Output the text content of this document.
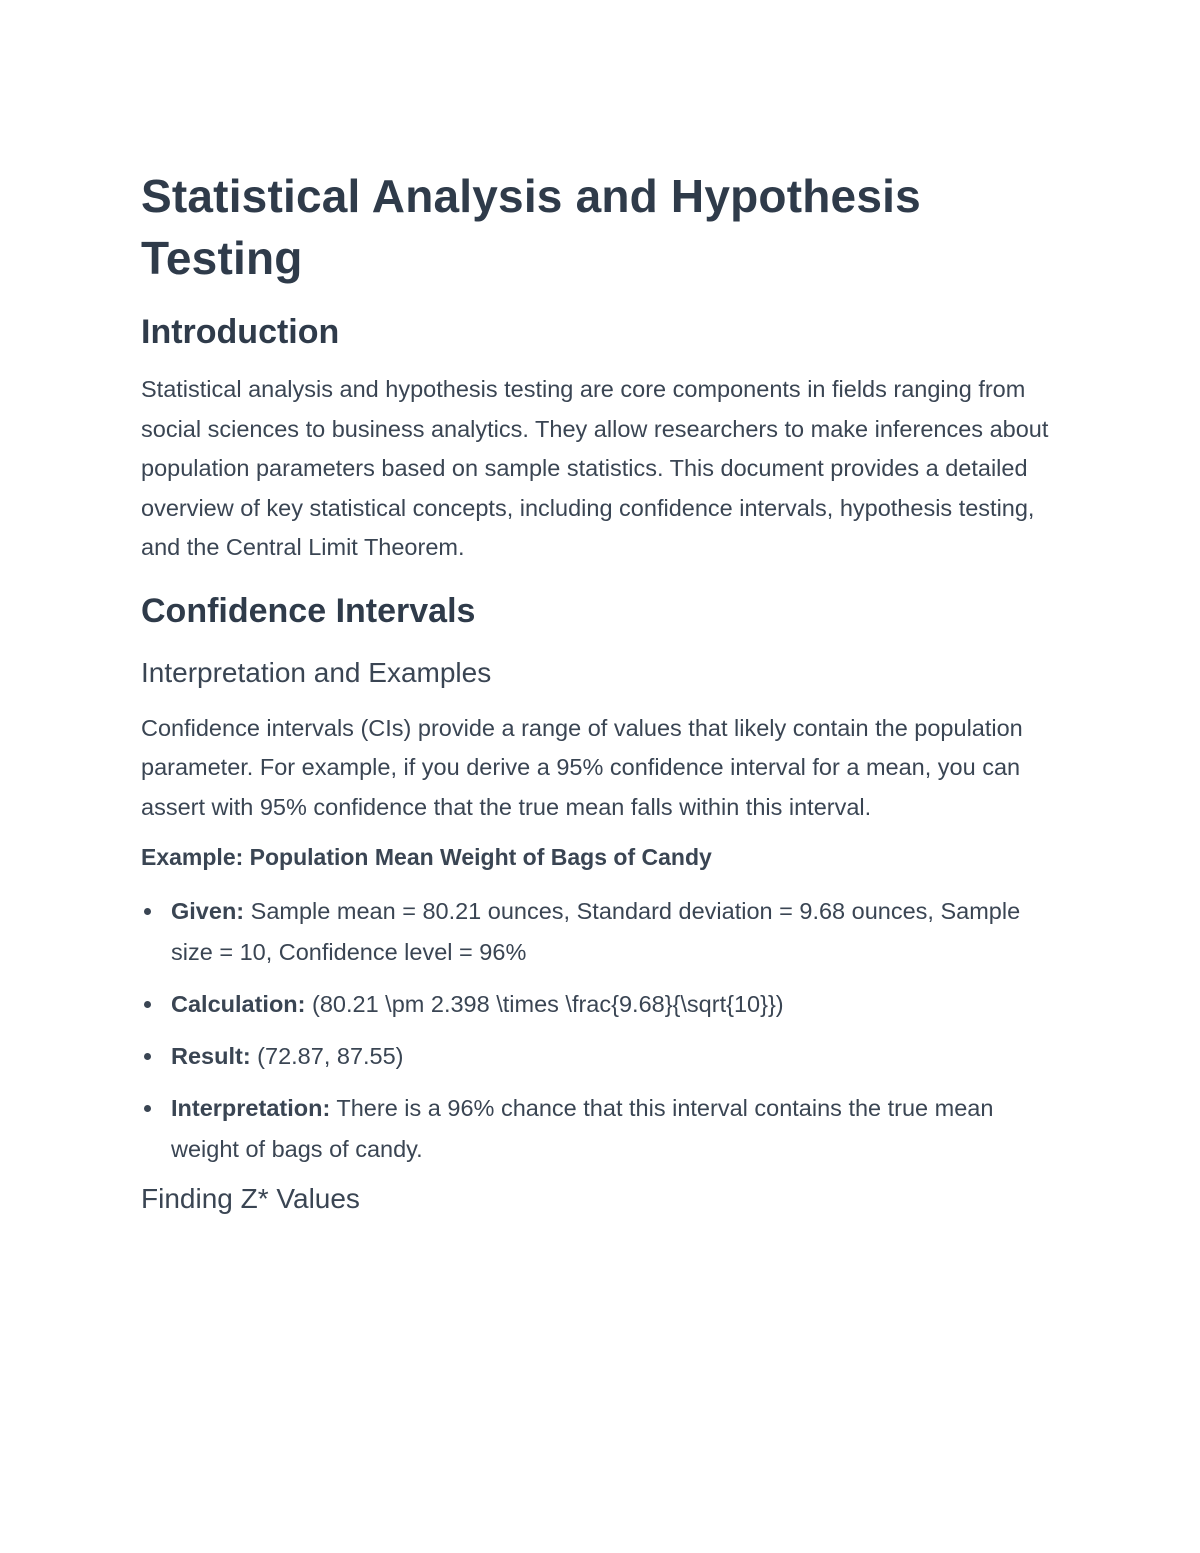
Statistical Analysis and Hypothesis Testing
Introduction

Statistical analysis and hypothesis testing are core components in fields ranging from social sciences to business analytics. They allow researchers to make inferences about population parameters based on sample statistics. This document provides a detailed overview of key statistical concepts, including confidence intervals, hypothesis testing, and the Central Limit Theorem.

Confidence Intervals
Interpretation and Examples

Confidence intervals (CIs) provide a range of values that likely contain the population parameter. For example, if you derive a 95% confidence interval for a mean, you can assert with 95% confidence that the true mean falls within this interval.

Example: Population Mean Weight of Bags of Candy
Given: Sample mean = 80.21 ounces, Standard deviation = 9.68 ounces, Sample size = 10, Confidence level = 96%
Calculation: (80.21 \pm 2.398 \times \frac{9.68}{\sqrt{10}})
Result: (72.87, 87.55)
Interpretation: There is a 96% chance that this interval contains the true mean weight of bags of candy.
Finding Z* Values
